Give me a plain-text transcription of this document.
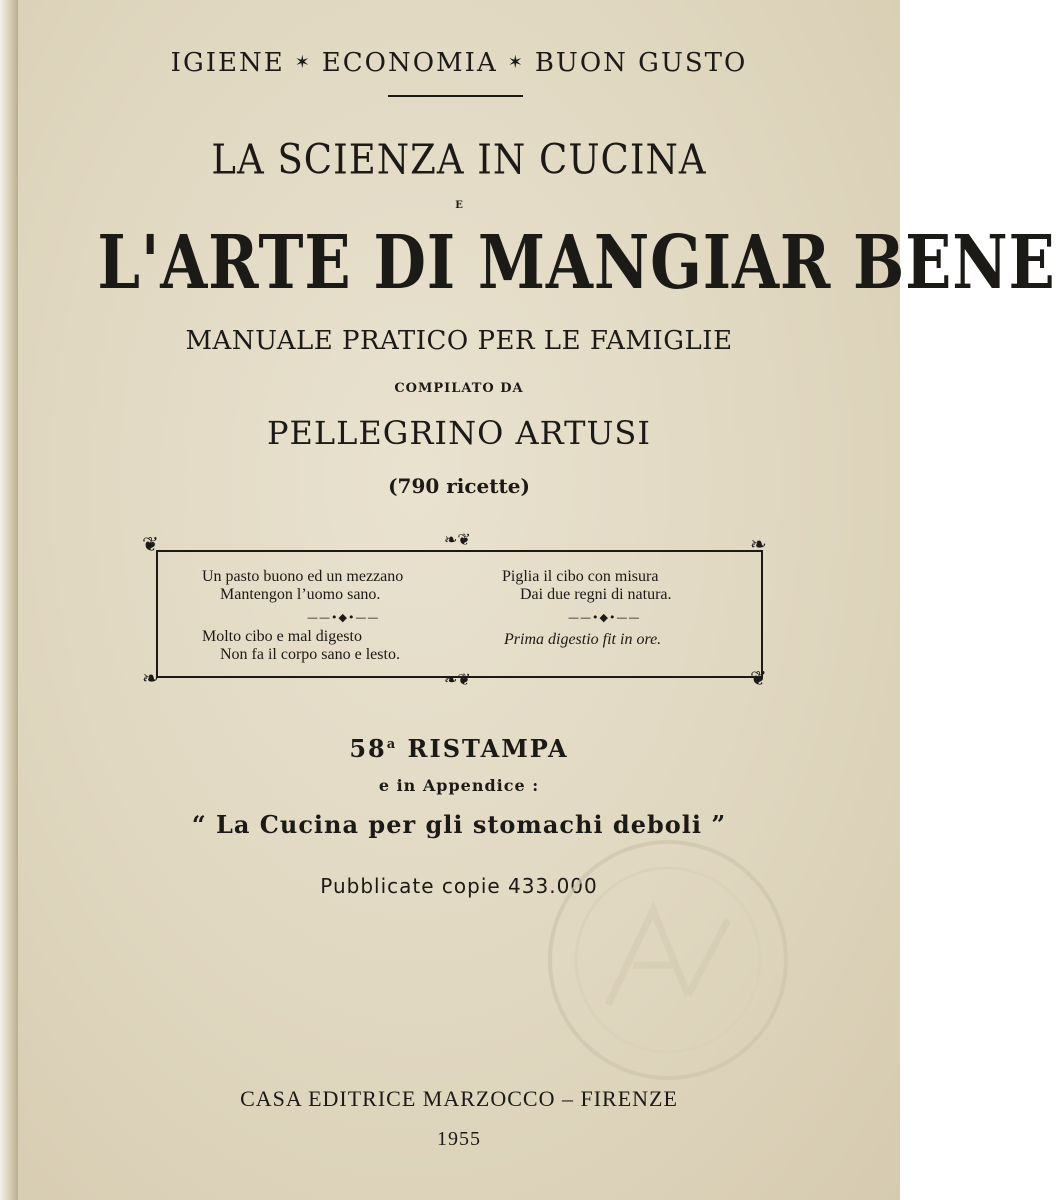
IGIENE ✶ ECONOMIA ✶ BUON GUSTO
LA SCIENZA IN CUCINA
E
L'ARTE DI MANGIAR BENE
MANUALE PRATICO PER LE FAMIGLIE
COMPILATO DA
PELLEGRINO ARTUSI
(790 ricette)
❦	❧
❧	❦
❧❦
❧❦
Un pasto buono ed un mezzano
Mantengon l’uomo sano.
Piglia il cibo con misura
Dai due regni di natura.
——•◆•——	——•◆•——
Molto cibo e mal digesto
Non fa il corpo sano e lesto.
Prima digestio fit in ore.
58$^a$ RISTAMPA
e in Appendice :
“ La Cucina per gli stomachi deboli ”
Pubblicate copie 433.000
CASA EDITRICE MARZOCCO – FIRENZE
1955
